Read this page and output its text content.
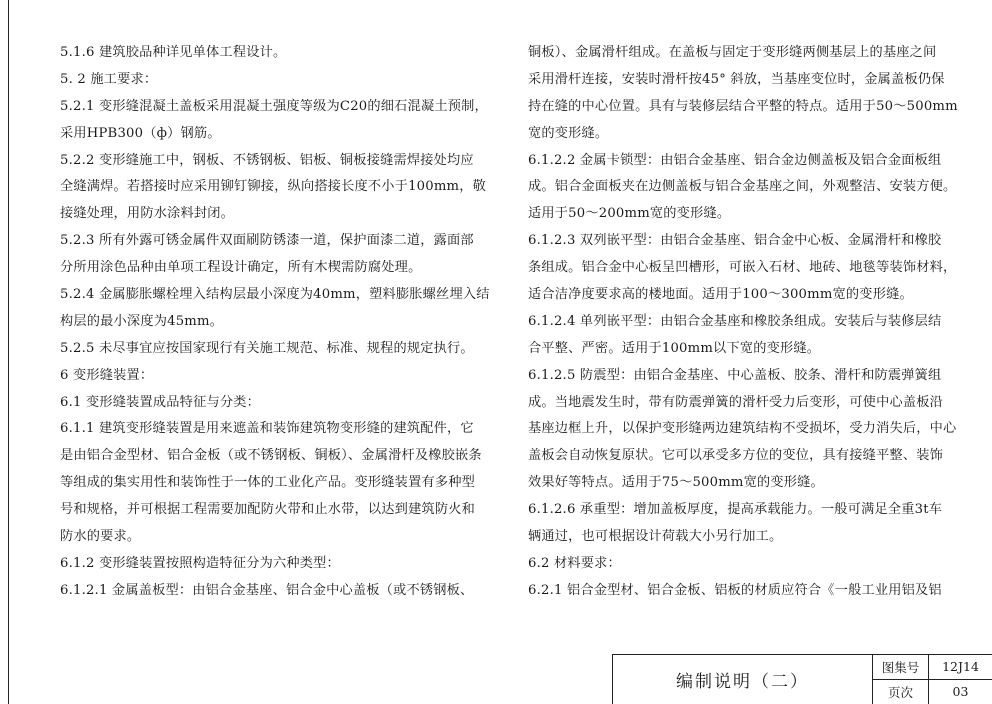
5.1.6 建筑胶品种详见单体工程设计。
5. 2 施工要求：
5.2.1 变形缝混凝土盖板采用混凝土强度等级为C20的细石混凝土预制，
采用HPB300（ф）钢筋。
5.2.2 变形缝施工中，钢板、不锈钢板、铝板、铜板接缝需焊接处均应
全缝满焊。若搭接时应采用铆钉铆接，纵向搭接长度不小于100mm，敬
接缝处理，用防水涂料封闭。
5.2.3 所有外露可锈金属件双面刷防锈漆一道，保护面漆二道，露面部
分所用涂色品种由单项工程设计确定，所有木楔需防腐处理。
5.2.4 金属膨胀螺栓埋入结构层最小深度为40mm，塑料膨胀螺丝埋入结
构层的最小深度为45mm。
5.2.5 未尽事宜应按国家现行有关施工规范、标准、规程的规定执行。
6 变形缝装置：
6.1 变形缝装置成品特征与分类：
6.1.1 建筑变形缝装置是用来遮盖和装饰建筑物变形缝的建筑配件，它
是由铝合金型材、铝合金板（或不锈钢板、铜板）、金属滑杆及橡胶嵌条
等组成的集实用性和装饰性于一体的工业化产品。变形缝装置有多种型
号和规格，并可根据工程需要加配防火带和止水带，以达到建筑防火和
防水的要求。
6.1.2 变形缝装置按照构造特征分为六种类型：
6.1.2.1 金属盖板型：由铝合金基座、铝合金中心盖板（或不锈钢板、
铜板）、金属滑杆组成。在盖板与固定于变形缝两侧基层上的基座之间
采用滑杆连接，安装时滑杆按45° 斜放，当基座变位时，金属盖板仍保
持在缝的中心位置。具有与装修层结合平整的特点。适用于50～500mm
宽的变形缝。
6.1.2.2 金属卡锁型：由铝合金基座、铝合金边侧盖板及铝合金面板组
成。铝合金面板夹在边侧盖板与铝合金基座之间，外观整洁、安装方便。
适用于50～200mm宽的变形缝。
6.1.2.3 双列嵌平型：由铝合金基座、铝合金中心板、金属滑杆和橡胶
条组成。铝合金中心板呈凹槽形，可嵌入石材、地砖、地毯等装饰材料，
适合洁净度要求高的楼地面。适用于100～300mm宽的变形缝。
6.1.2.4 单列嵌平型：由铝合金基座和橡胶条组成。安装后与装修层结
合平整、严密。适用于100mm以下宽的变形缝。
6.1.2.5 防震型：由铝合金基座、中心盖板、胶条、滑杆和防震弹簧组
成。当地震发生时，带有防震弹簧的滑杆受力后变形，可使中心盖板沿
基座边框上升，以保护变形缝两边建筑结构不受损坏，受力消失后，中心
盖板会自动恢复原状。它可以承受多方位的变位，具有接缝平整、装饰
效果好等特点。适用于75～500mm宽的变形缝。
6.1.2.6 承重型：增加盖板厚度，提高承载能力。一般可满足全重3t车
辆通过，也可根据设计荷载大小另行加工。
6.2 材料要求：
6.2.1 铝合金型材、铝合金板、铝板的材质应符合《一般工业用铝及铝
编制说明（二）
图集号	12J14
页次	03
